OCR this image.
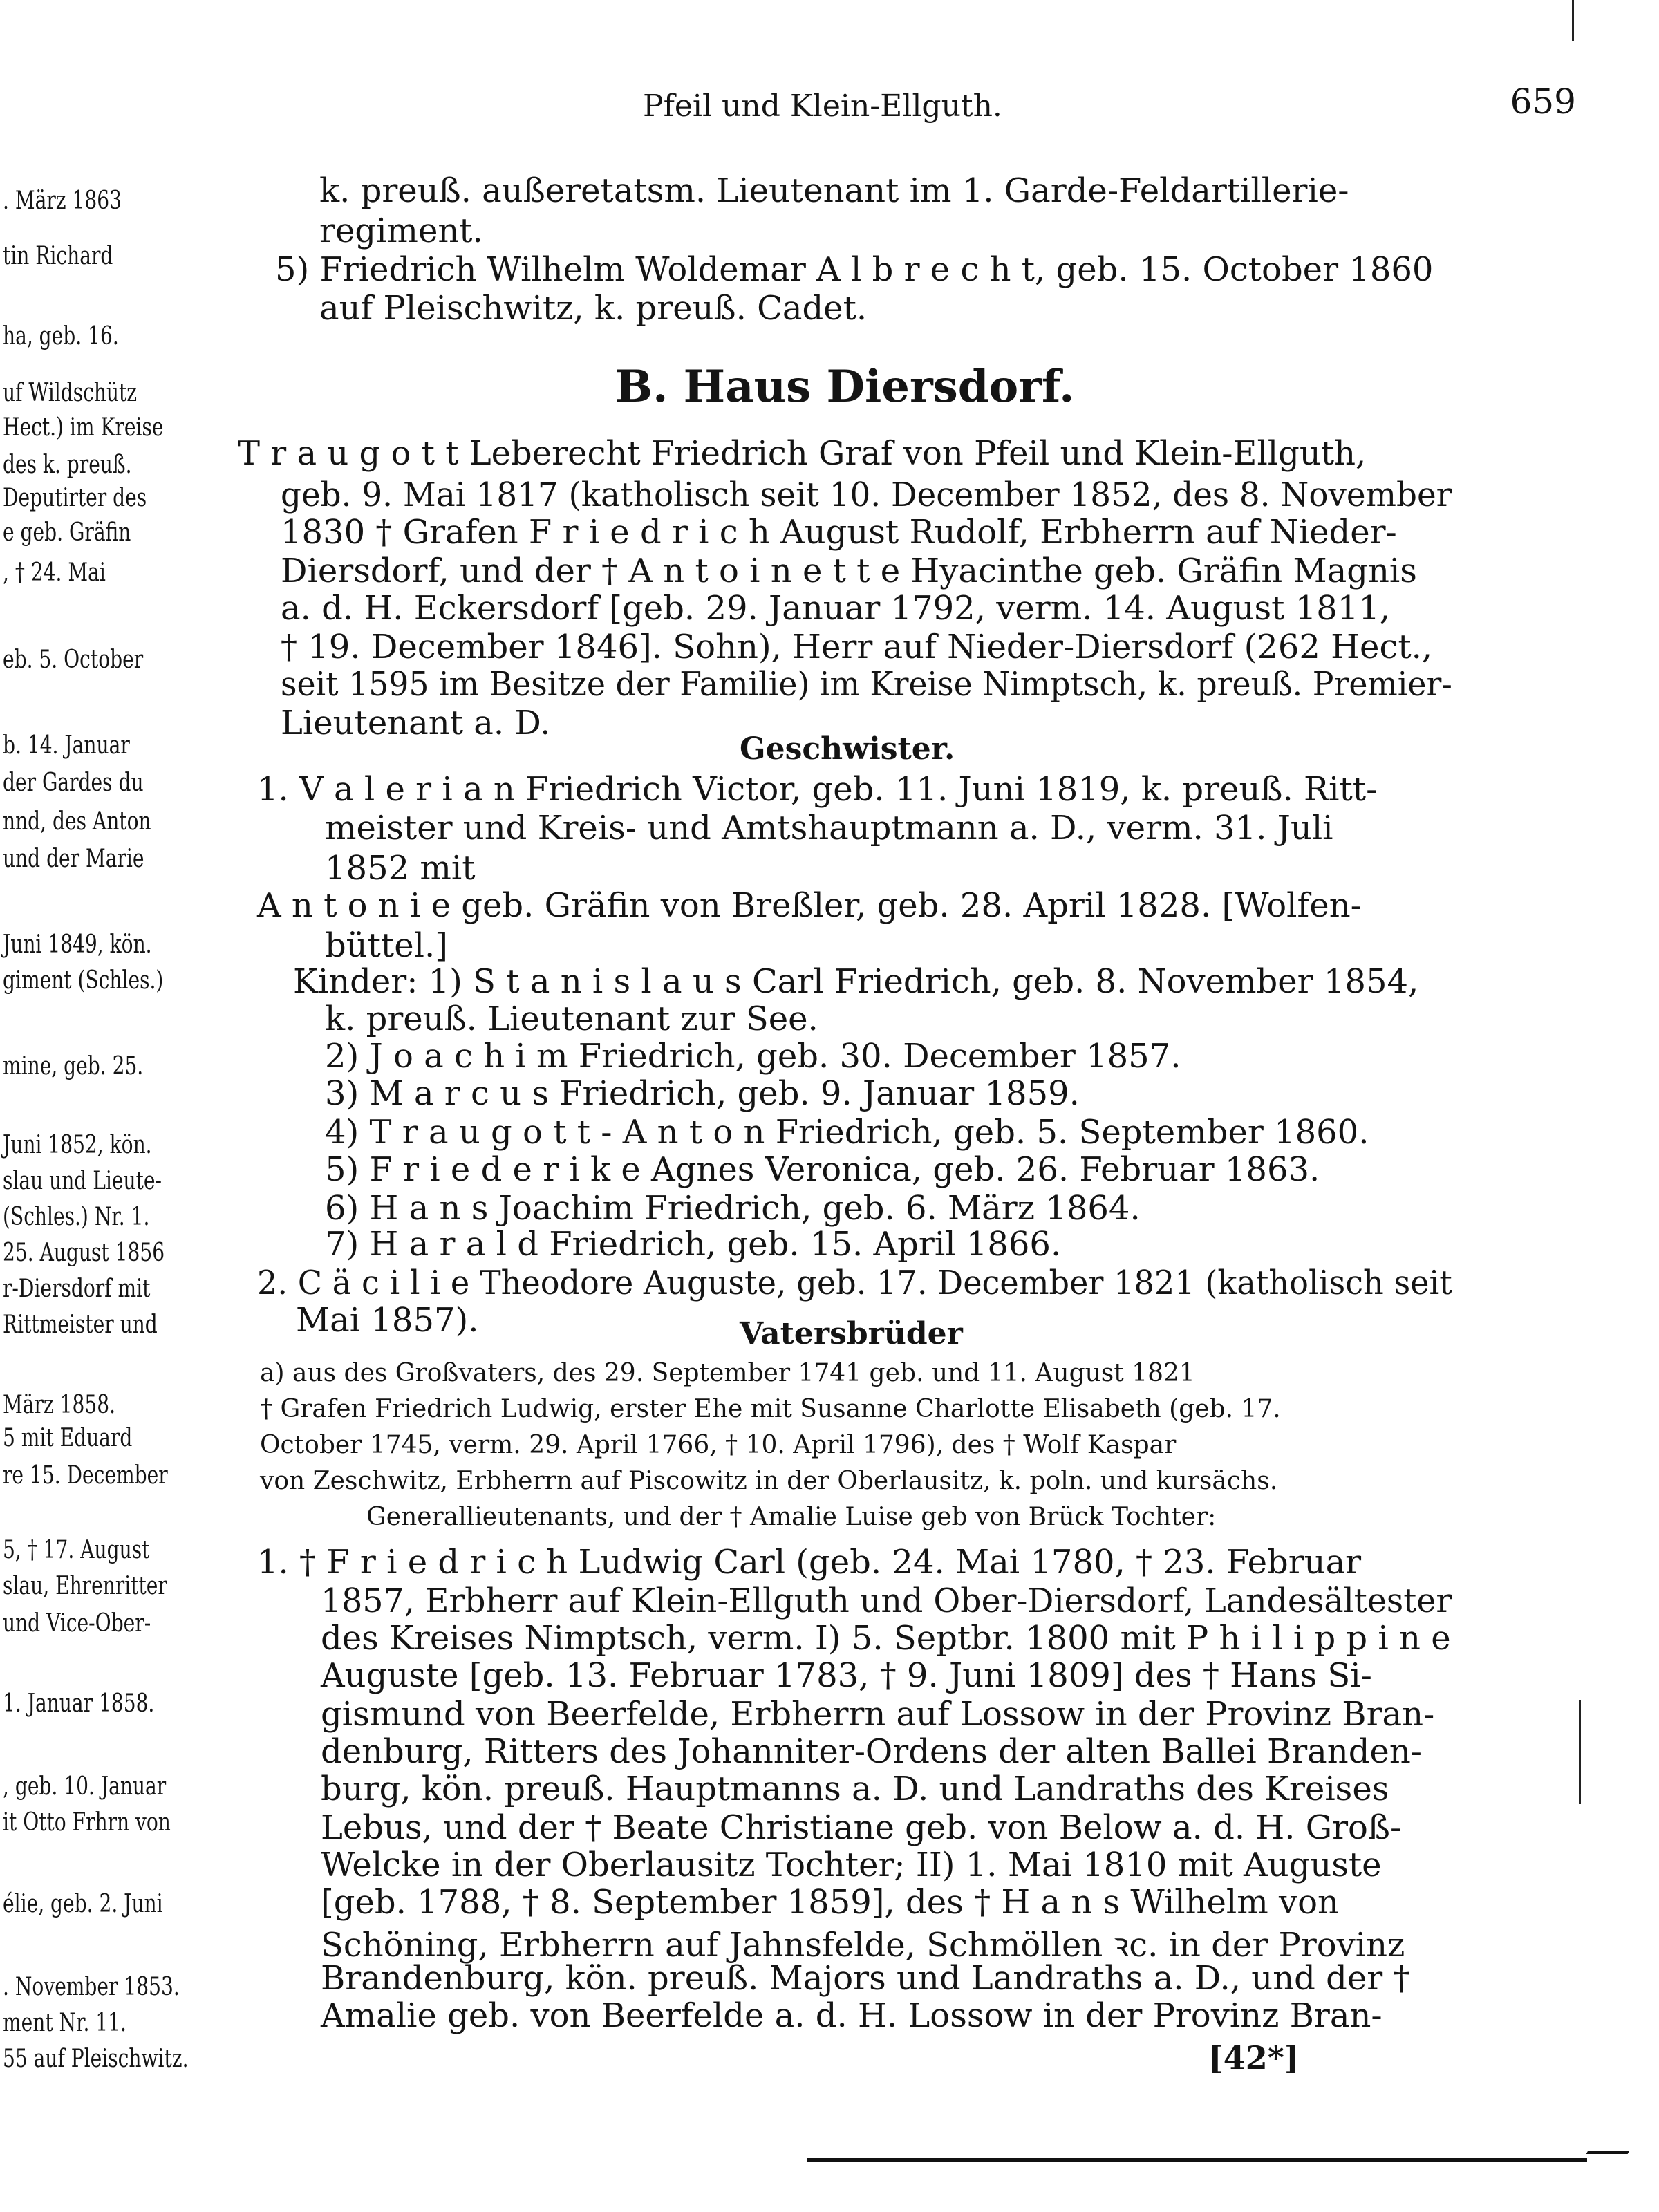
. März 1863
tin Richard
ha, geb. 16.
uf Wildschütz
Hect.) im Kreise
des k. preuß.
Deputirter des
e geb. Gräfin
, † 24. Mai
eb. 5. October
b. 14. Januar
der Gardes du
nnd, des Anton
und der Marie
Juni 1849, kön.
giment (Schles.)
mine, geb. 25.
Juni 1852, kön.
slau und Lieute-
(Schles.) Nr. 1.
25. August 1856
r-Diersdorf mit
Rittmeister und
März 1858.
5 mit Eduard
re 15. December
5, † 17. August
slau, Ehrenritter
und Vice-Ober-
1. Januar 1858.
, geb. 10. Januar
it Otto Frhrn von
élie, geb. 2. Juni
. November 1853.
ment Nr. 11.
55 auf Pleischwitz.
Pfeil und Klein-Ellguth.	659
k. preuß. außeretatsm. Lieutenant im 1. Garde-Feldartillerie-
regiment.
5) Friedrich Wilhelm Woldemar A l b r e c h t, geb. 15. October 1860
auf Pleischwitz, k. preuß. Cadet.
B. Haus Diersdorf.
T r a u g o t t Leberecht Friedrich Graf von Pfeil und Klein-Ellguth,
geb. 9. Mai 1817 (katholisch seit 10. December 1852, des 8. November
1830 † Grafen F r i e d r i c h August Rudolf, Erbherrn auf Nieder-
Diersdorf, und der † A n t o i n e t t e Hyacinthe geb. Gräfin Magnis
a. d. H. Eckersdorf [geb. 29. Januar 1792, verm. 14. August 1811,
† 19. December 1846]. Sohn), Herr auf Nieder-Diersdorf (262 Hect.,
seit 1595 im Besitze der Familie) im Kreise Nimptsch, k. preuß. Premier-
Lieutenant a. D.
Geschwister.
1. V a l e r i a n Friedrich Victor, geb. 11. Juni 1819, k. preuß. Ritt-
meister und Kreis- und Amtshauptmann a. D., verm. 31. Juli
1852 mit
A n t o n i e geb. Gräfin von Breßler, geb. 28. April 1828. [Wolfen-
büttel.]
Kinder: 1) S t a n i s l a u s Carl Friedrich, geb. 8. November 1854,
k. preuß. Lieutenant zur See.
2) J o a c h i m Friedrich, geb. 30. December 1857.
3) M a r c u s Friedrich, geb. 9. Januar 1859.
4) T r a u g o t t - A n t o n Friedrich, geb. 5. September 1860.
5) F r i e d e r i k e Agnes Veronica, geb. 26. Februar 1863.
6) H a n s Joachim Friedrich, geb. 6. März 1864.
7) H a r a l d Friedrich, geb. 15. April 1866.
2. C ä c i l i e Theodore Auguste, geb. 17. December 1821 (katholisch seit
Mai 1857).	Vatersbrüder
a) aus des Großvaters, des 29. September 1741 geb. und 11. August 1821
† Grafen Friedrich Ludwig, erster Ehe mit Susanne Charlotte Elisabeth (geb. 17.
October 1745, verm. 29. April 1766, † 10. April 1796), des † Wolf Kaspar
von Zeschwitz, Erbherrn auf Piscowitz in der Oberlausitz, k. poln. und kursächs.
Generallieutenants, und der † Amalie Luise geb von Brück Tochter:
1. † F r i e d r i c h Ludwig Carl (geb. 24. Mai 1780, † 23. Februar
1857, Erbherr auf Klein-Ellguth und Ober-Diersdorf, Landesältester
des Kreises Nimptsch, verm. I) 5. Septbr. 1800 mit P h i l i p p i n e
Auguste [geb. 13. Februar 1783, † 9. Juni 1809] des † Hans Si-
gismund von Beerfelde, Erbherrn auf Lossow in der Provinz Bran-
denburg, Ritters des Johanniter-Ordens der alten Ballei Branden-
burg, kön. preuß. Hauptmanns a. D. und Landraths des Kreises
Lebus, und der † Beate Christiane geb. von Below a. d. H. Groß-
Welcke in der Oberlausitz Tochter; II) 1. Mai 1810 mit Auguste
[geb. 1788, † 8. September 1859], des † H a n s Wilhelm von
Schöning, Erbherrn auf Jahnsfelde, Schmöllen ꝛc. in der Provinz
Brandenburg, kön. preuß. Majors und Landraths a. D., und der †
Amalie geb. von Beerfelde a. d. H. Lossow in der Provinz Bran-
[42*]
